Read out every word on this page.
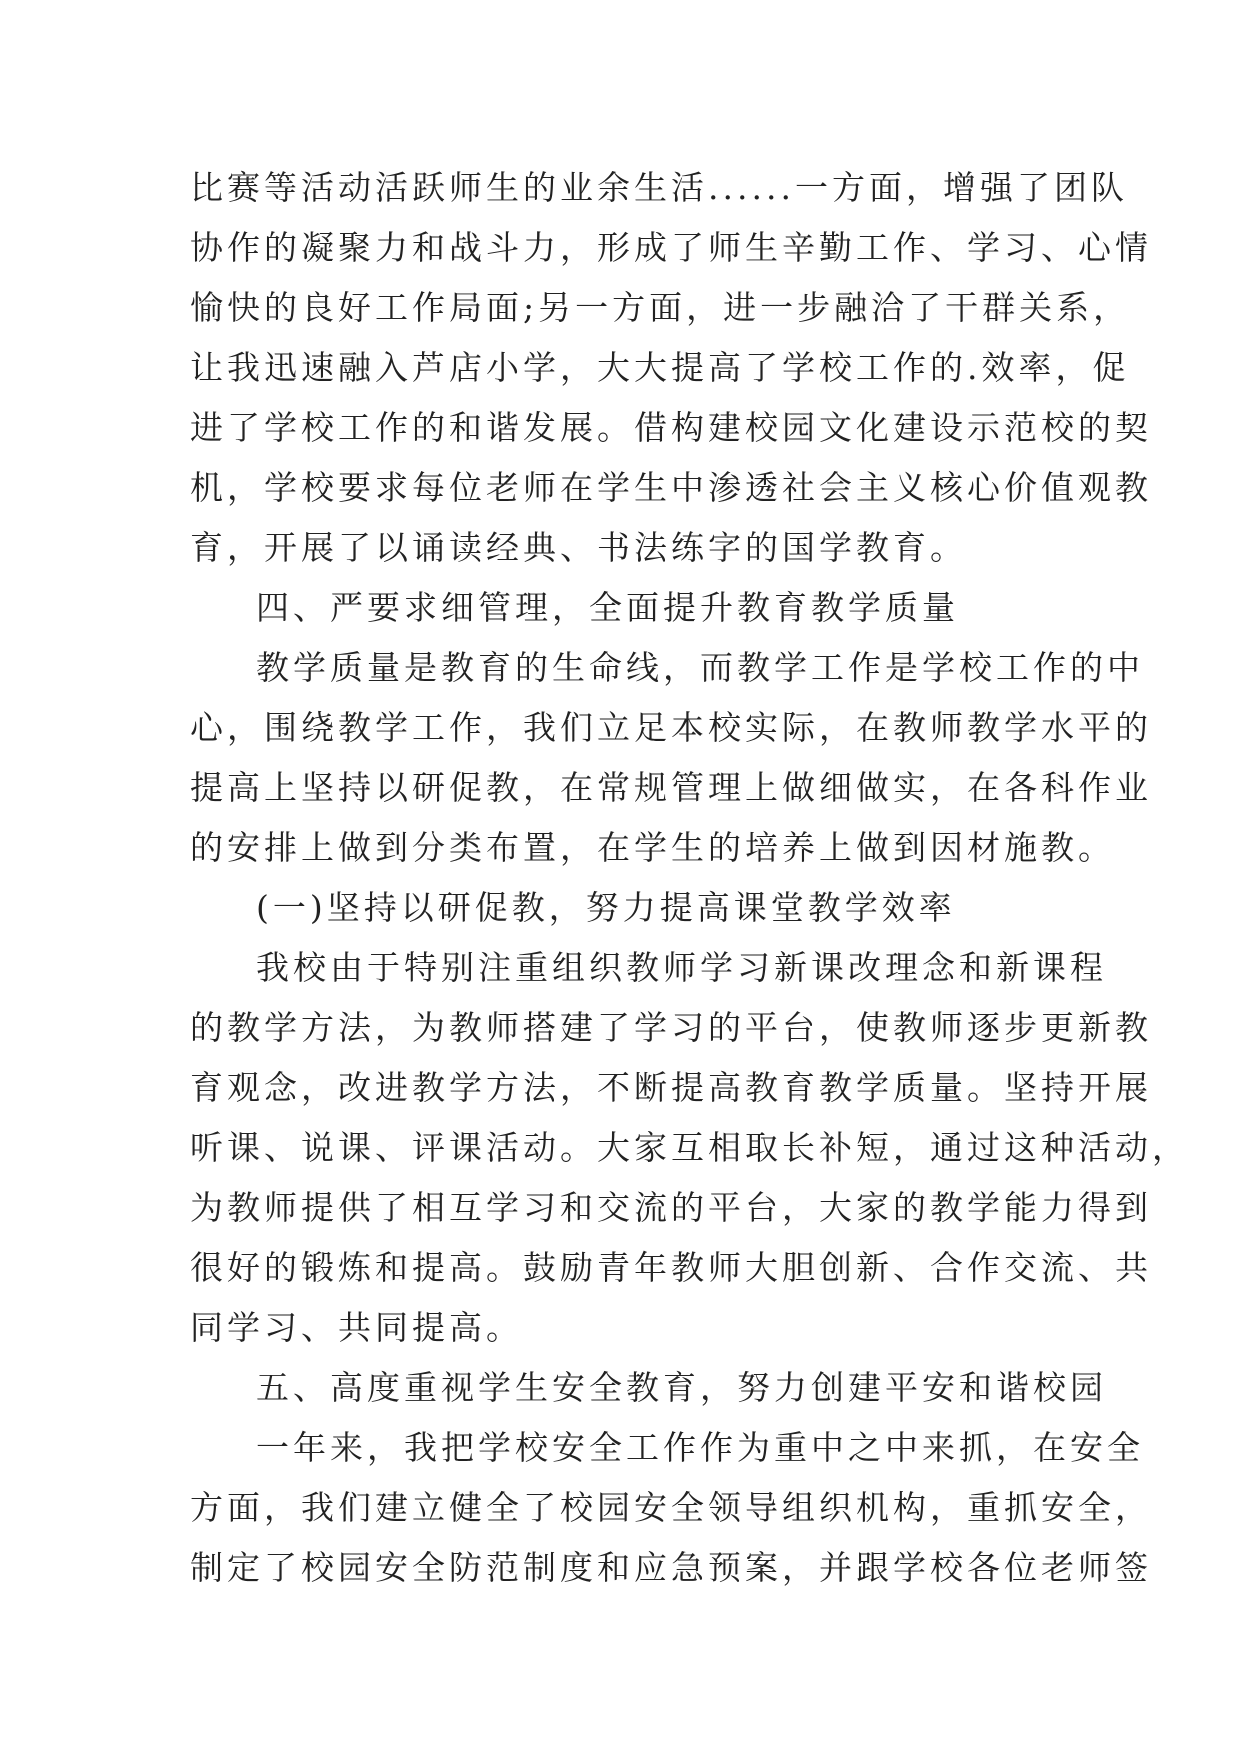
比赛等活动活跃师生的业余生活......一方面，增强了团队
协作的凝聚力和战斗力，形成了师生辛勤工作、学习、心情
愉快的良好工作局面;另一方面，进一步融洽了干群关系，
让我迅速融入芦店小学，大大提高了学校工作的.效率，促
进了学校工作的和谐发展。借构建校园文化建设示范校的契
机，学校要求每位老师在学生中渗透社会主义核心价值观教
育，开展了以诵读经典、书法练字的国学教育。
四、严要求细管理，全面提升教育教学质量
教学质量是教育的生命线，而教学工作是学校工作的中
心，围绕教学工作，我们立足本校实际，在教师教学水平的
提高上坚持以研促教，在常规管理上做细做实，在各科作业
的安排上做到分类布置，在学生的培养上做到因材施教。
(一)坚持以研促教，努力提高课堂教学效率
我校由于特别注重组织教师学习新课改理念和新课程
的教学方法，为教师搭建了学习的平台，使教师逐步更新教
育观念，改进教学方法，不断提高教育教学质量。坚持开展
听课、说课、评课活动。大家互相取长补短，通过这种活动，
为教师提供了相互学习和交流的平台，大家的教学能力得到
很好的锻炼和提高。鼓励青年教师大胆创新、合作交流、共
同学习、共同提高。
五、高度重视学生安全教育，努力创建平安和谐校园
一年来，我把学校安全工作作为重中之中来抓，在安全
方面，我们建立健全了校园安全领导组织机构，重抓安全，
制定了校园安全防范制度和应急预案，并跟学校各位老师签
